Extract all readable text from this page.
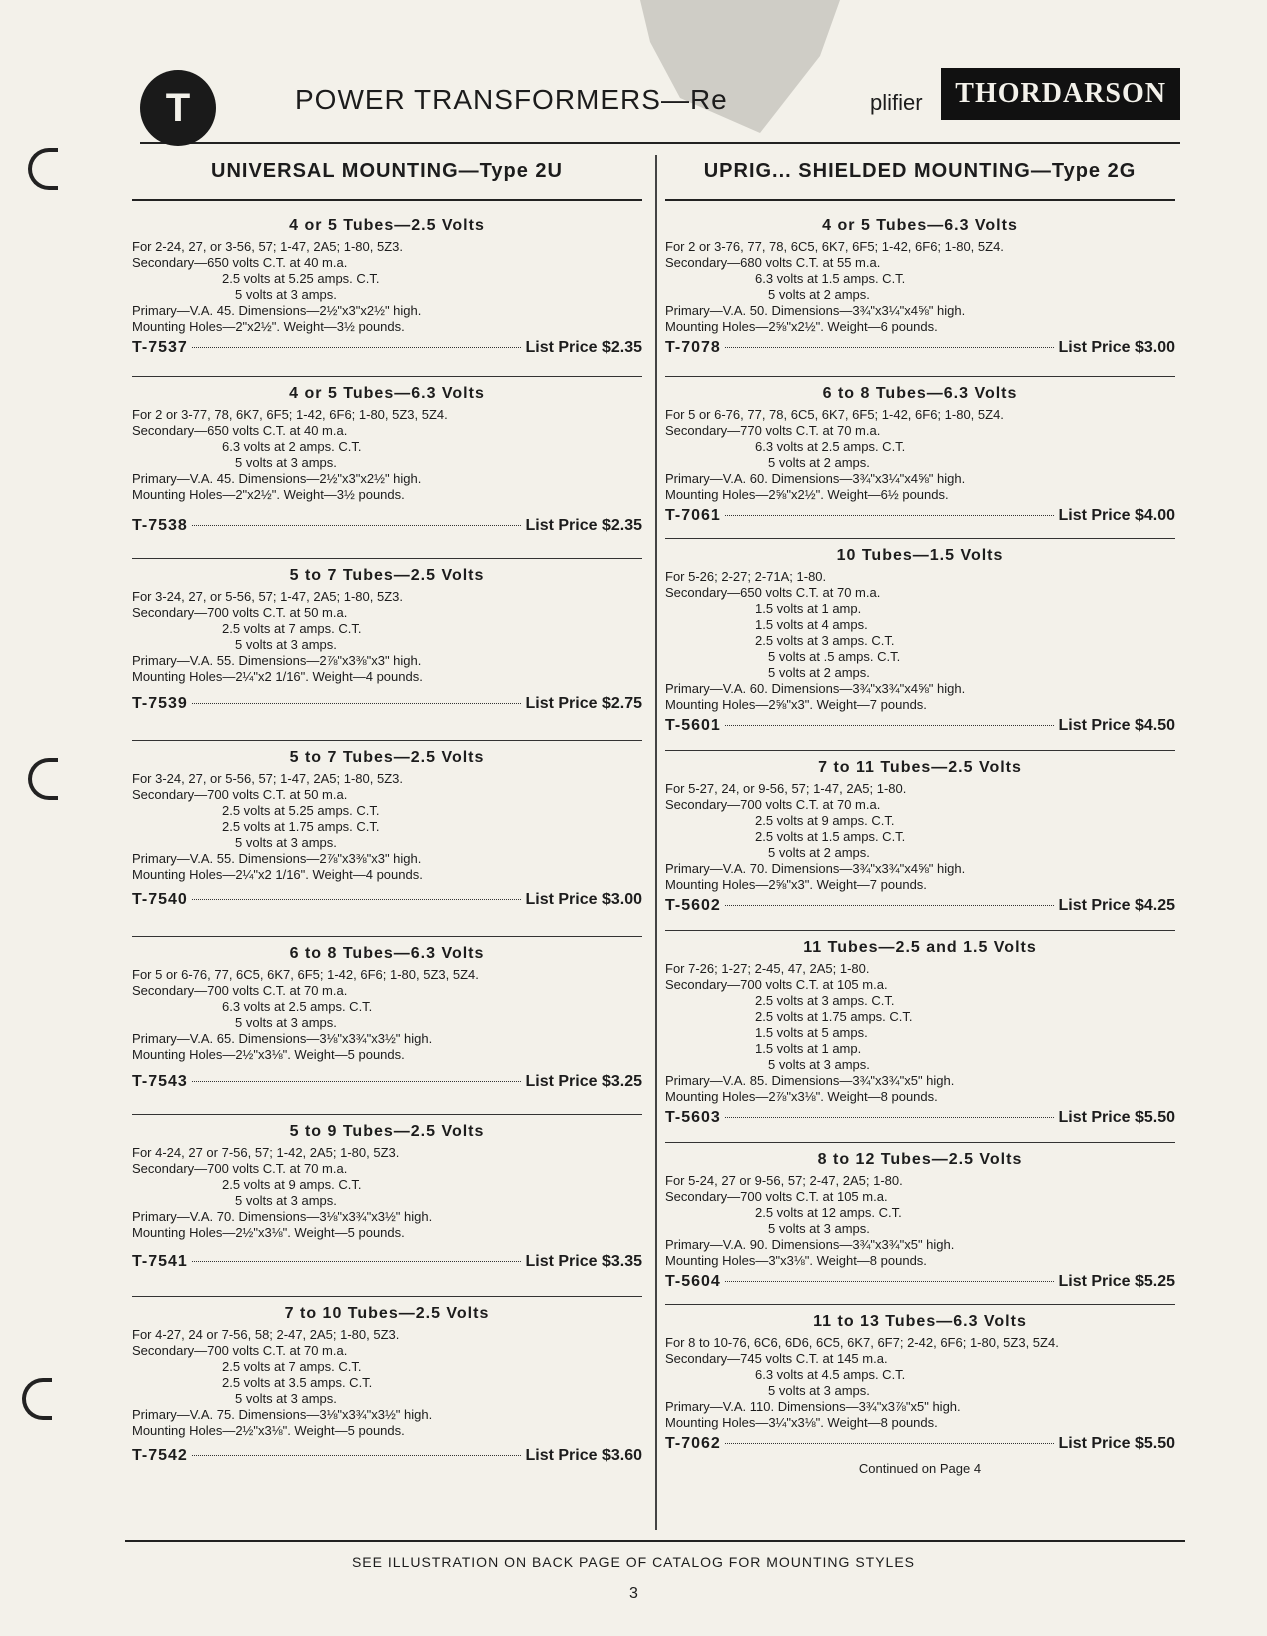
T	POWER TRANSFORMERS—Re	plifier	THORDARSON
UNIVERSAL MOUNTING—Type 2U
4 or 5 Tubes—2.5 Volts
For 2-24, 27, or 3-56, 57; 1-47, 2A5; 1-80, 5Z3.
Secondary—650 volts C.T. at 40 m.a.
2.5 volts at 5.25 amps. C.T.
5 volts at 3 amps.
Primary—V.A. 45. Dimensions—2½"x3"x2½" high.
Mounting Holes—2"x2½". Weight—3½ pounds.
T-7537	List Price $2.35
4 or 5 Tubes—6.3 Volts
For 2 or 3-77, 78, 6K7, 6F5; 1-42, 6F6; 1-80, 5Z3, 5Z4.
Secondary—650 volts C.T. at 40 m.a.
6.3 volts at 2 amps. C.T.
5 volts at 3 amps.
Primary—V.A. 45. Dimensions—2½"x3"x2½" high.
Mounting Holes—2"x2½". Weight—3½ pounds.
T-7538	List Price $2.35
5 to 7 Tubes—2.5 Volts
For 3-24, 27, or 5-56, 57; 1-47, 2A5; 1-80, 5Z3.
Secondary—700 volts C.T. at 50 m.a.
2.5 volts at 7 amps. C.T.
5 volts at 3 amps.
Primary—V.A. 55. Dimensions—2⅞"x3⅜"x3" high.
Mounting Holes—2¼"x2 1/16". Weight—4 pounds.
T-7539	List Price $2.75
5 to 7 Tubes—2.5 Volts
For 3-24, 27, or 5-56, 57; 1-47, 2A5; 1-80, 5Z3.
Secondary—700 volts C.T. at 50 m.a.
2.5 volts at 5.25 amps. C.T.
2.5 volts at 1.75 amps. C.T.
5 volts at 3 amps.
Primary—V.A. 55. Dimensions—2⅞"x3⅜"x3" high.
Mounting Holes—2¼"x2 1/16". Weight—4 pounds.
T-7540	List Price $3.00
6 to 8 Tubes—6.3 Volts
For 5 or 6-76, 77, 6C5, 6K7, 6F5; 1-42, 6F6; 1-80, 5Z3, 5Z4.
Secondary—700 volts C.T. at 70 m.a.
6.3 volts at 2.5 amps. C.T.
5 volts at 3 amps.
Primary—V.A. 65. Dimensions—3⅛"x3¾"x3½" high.
Mounting Holes—2½"x3⅛". Weight—5 pounds.
T-7543	List Price $3.25
5 to 9 Tubes—2.5 Volts
For 4-24, 27 or 7-56, 57; 1-42, 2A5; 1-80, 5Z3.
Secondary—700 volts C.T. at 70 m.a.
2.5 volts at 9 amps. C.T.
5 volts at 3 amps.
Primary—V.A. 70. Dimensions—3⅛"x3¾"x3½" high.
Mounting Holes—2½"x3⅛". Weight—5 pounds.
T-7541	List Price $3.35
7 to 10 Tubes—2.5 Volts
For 4-27, 24 or 7-56, 58; 2-47, 2A5; 1-80, 5Z3.
Secondary—700 volts C.T. at 70 m.a.
2.5 volts at 7 amps. C.T.
2.5 volts at 3.5 amps. C.T.
5 volts at 3 amps.
Primary—V.A. 75. Dimensions—3⅛"x3¾"x3½" high.
Mounting Holes—2½"x3⅛". Weight—5 pounds.
T-7542	List Price $3.60
UPRIG... SHIELDED MOUNTING—Type 2G
4 or 5 Tubes—6.3 Volts
For 2 or 3-76, 77, 78, 6C5, 6K7, 6F5; 1-42, 6F6; 1-80, 5Z4.
Secondary—680 volts C.T. at 55 m.a.
6.3 volts at 1.5 amps. C.T.
5 volts at 2 amps.
Primary—V.A. 50. Dimensions—3¾"x3¼"x4⅝" high.
Mounting Holes—2⅝"x2½". Weight—6 pounds.
T-7078	List Price $3.00
6 to 8 Tubes—6.3 Volts
For 5 or 6-76, 77, 78, 6C5, 6K7, 6F5; 1-42, 6F6; 1-80, 5Z4.
Secondary—770 volts C.T. at 70 m.a.
6.3 volts at 2.5 amps. C.T.
5 volts at 2 amps.
Primary—V.A. 60. Dimensions—3¾"x3¼"x4⅝" high.
Mounting Holes—2⅝"x2½". Weight—6½ pounds.
T-7061	List Price $4.00
10 Tubes—1.5 Volts
For 5-26; 2-27; 2-71A; 1-80.
Secondary—650 volts C.T. at 70 m.a.
1.5 volts at 1 amp.
1.5 volts at 4 amps.
2.5 volts at 3 amps. C.T.
5 volts at .5 amps. C.T.
5 volts at 2 amps.
Primary—V.A. 60. Dimensions—3¾"x3¾"x4⅝" high.
Mounting Holes—2⅝"x3". Weight—7 pounds.
T-5601	List Price $4.50
7 to 11 Tubes—2.5 Volts
For 5-27, 24, or 9-56, 57; 1-47, 2A5; 1-80.
Secondary—700 volts C.T. at 70 m.a.
2.5 volts at 9 amps. C.T.
2.5 volts at 1.5 amps. C.T.
5 volts at 2 amps.
Primary—V.A. 70. Dimensions—3¾"x3¾"x4⅝" high.
Mounting Holes—2⅝"x3". Weight—7 pounds.
T-5602	List Price $4.25
11 Tubes—2.5 and 1.5 Volts
For 7-26; 1-27; 2-45, 47, 2A5; 1-80.
Secondary—700 volts C.T. at 105 m.a.
2.5 volts at 3 amps. C.T.
2.5 volts at 1.75 amps. C.T.
1.5 volts at 5 amps.
1.5 volts at 1 amp.
5 volts at 3 amps.
Primary—V.A. 85. Dimensions—3¾"x3¾"x5" high.
Mounting Holes—2⅞"x3⅛". Weight—8 pounds.
T-5603	List Price $5.50
8 to 12 Tubes—2.5 Volts
For 5-24, 27 or 9-56, 57; 2-47, 2A5; 1-80.
Secondary—700 volts C.T. at 105 m.a.
2.5 volts at 12 amps. C.T.
5 volts at 3 amps.
Primary—V.A. 90. Dimensions—3¾"x3¾"x5" high.
Mounting Holes—3"x3⅛". Weight—8 pounds.
T-5604	List Price $5.25
11 to 13 Tubes—6.3 Volts
For 8 to 10-76, 6C6, 6D6, 6C5, 6K7, 6F7; 2-42, 6F6; 1-80, 5Z3, 5Z4.
Secondary—745 volts C.T. at 145 m.a.
6.3 volts at 4.5 amps. C.T.
5 volts at 3 amps.
Primary—V.A. 110. Dimensions—3¾"x3⅞"x5" high.
Mounting Holes—3¼"x3⅛". Weight—8 pounds.
T-7062	List Price $5.50
Continued on Page 4
SEE ILLUSTRATION ON BACK PAGE OF CATALOG FOR MOUNTING STYLES
3
